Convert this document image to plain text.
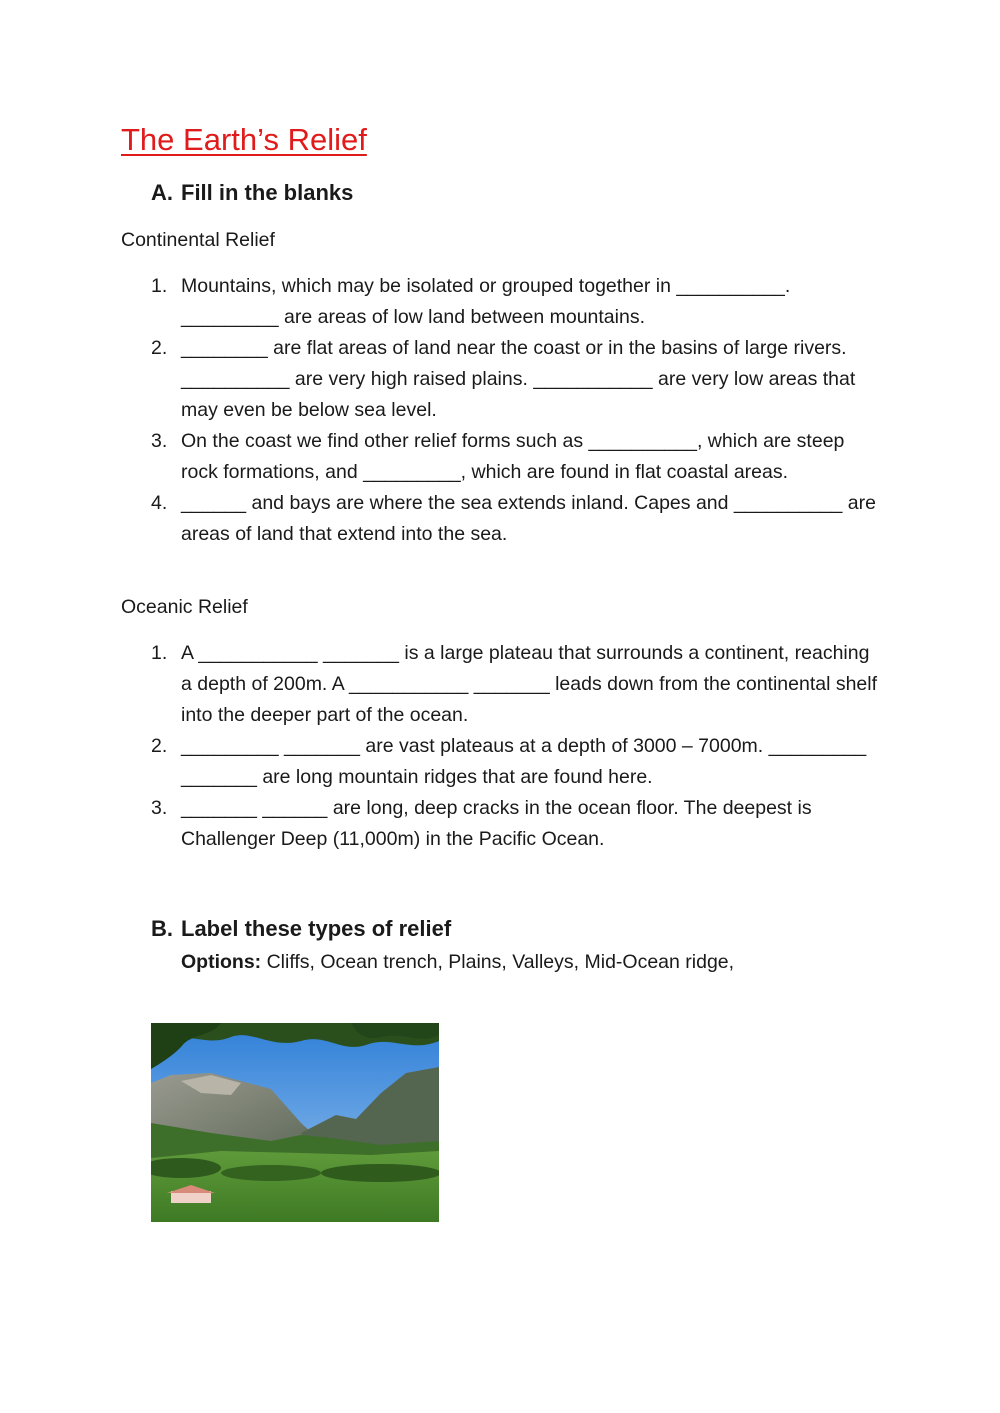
The Earth’s Relief
A. Fill in the blanks
Continental Relief
1. Mountains, which may be isolated or grouped together in __________. _________ are areas of low land between mountains.
2. ________ are flat areas of land near the coast or in the basins of large rivers. __________ are very high raised plains. ___________ are very low areas that may even be below sea level.
3. On the coast we find other relief forms such as __________, which are steep rock formations, and _________, which are found in flat coastal areas.
4. ______ and bays are where the sea extends inland. Capes and __________ are areas of land that extend into the sea.
Oceanic Relief
1. A ___________ _______ is a large plateau that surrounds a continent, reaching a depth of 200m. A ___________ _______ leads down from the continental shelf into the deeper part of the ocean.
2. _________ _______ are vast plateaus at a depth of 3000 – 7000m. _________ _______ are long mountain ridges that are found here.
3. _______ ______ are long, deep cracks in the ocean floor. The deepest is Challenger Deep (11,000m) in the Pacific Ocean.
B. Label these types of relief
Options: Cliffs, Ocean trench, Plains, Valleys, Mid-Ocean ridge,
